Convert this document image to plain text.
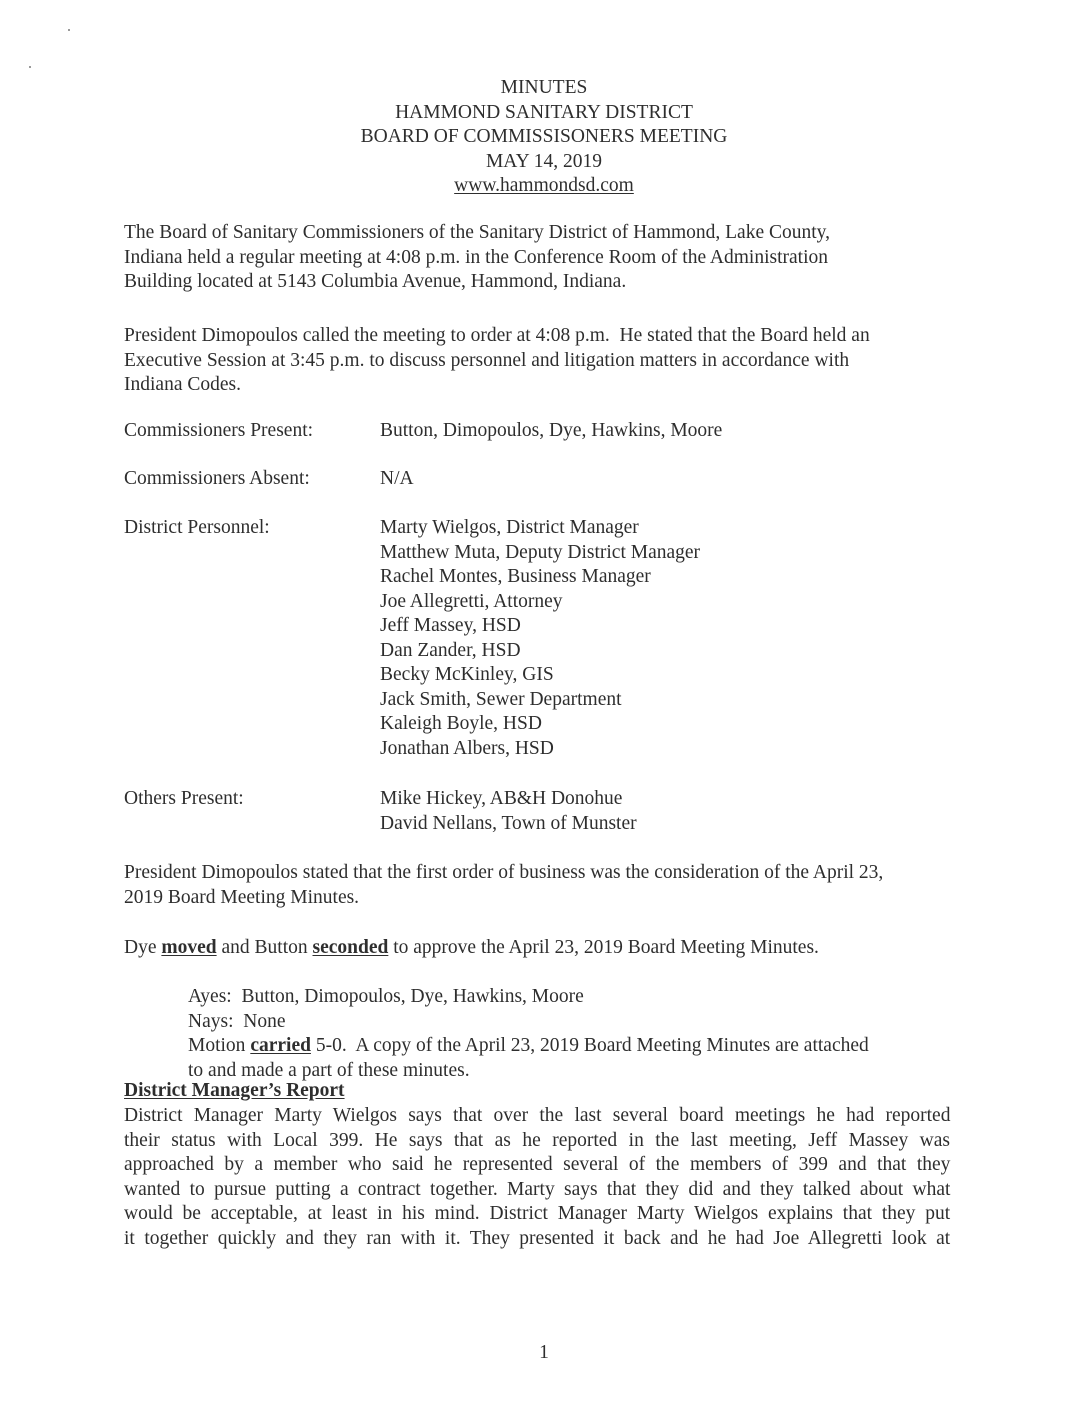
MINUTES
HAMMOND SANITARY DISTRICT
BOARD OF COMMISSISONERS MEETING
MAY 14, 2019
www.hammondsd.com

The Board of Sanitary Commissioners of the Sanitary District of Hammond, Lake County,

Indiana held a regular meeting at 4:08 p.m. in the Conference Room of the Administration

Building located at 5143 Columbia Avenue, Hammond, Indiana.

President Dimopoulos called the meeting to order at 4:08 p.m.  He stated that the Board held an

Executive Session at 3:45 p.m. to discuss personnel and litigation matters in accordance with

Indiana Codes.

Commissioners Present:	Button, Dimopoulos, Dye, Hawkins, Moore
Commissioners Absent:	N/A
District Personnel:	Marty Wielgos, District Manager
Matthew Muta, Deputy District Manager
Rachel Montes, Business Manager
Joe Allegretti, Attorney
Jeff Massey, HSD
Dan Zander, HSD
Becky McKinley, GIS
Jack Smith, Sewer Department
Kaleigh Boyle, HSD
Jonathan Albers, HSD
Others Present:	Mike Hickey, AB&H Donohue
David Nellans, Town of Munster

President Dimopoulos stated that the first order of business was the consideration of the April 23,

2019 Board Meeting Minutes.

Dye moved and Button seconded to approve the April 23, 2019 Board Meeting Minutes.
Ayes: Button, Dimopoulos, Dye, Hawkins, Moore
Nays: None
Motion carried 5-0.  A copy of the April 23, 2019 Board Meeting Minutes are attached
to and made a part of these minutes.
District Manager’s Report
District Manager Marty Wielgos says that over the last several board meetings he had reported
their status with Local 399. He says that as he reported in the last meeting, Jeff Massey was
approached by a member who said he represented several of the members of 399 and that they
wanted to pursue putting a contract together. Marty says that they did and they talked about what
would be acceptable, at least in his mind. District Manager Marty Wielgos explains that they put
it together quickly and they ran with it. They presented it back and he had Joe Allegretti look at
1
